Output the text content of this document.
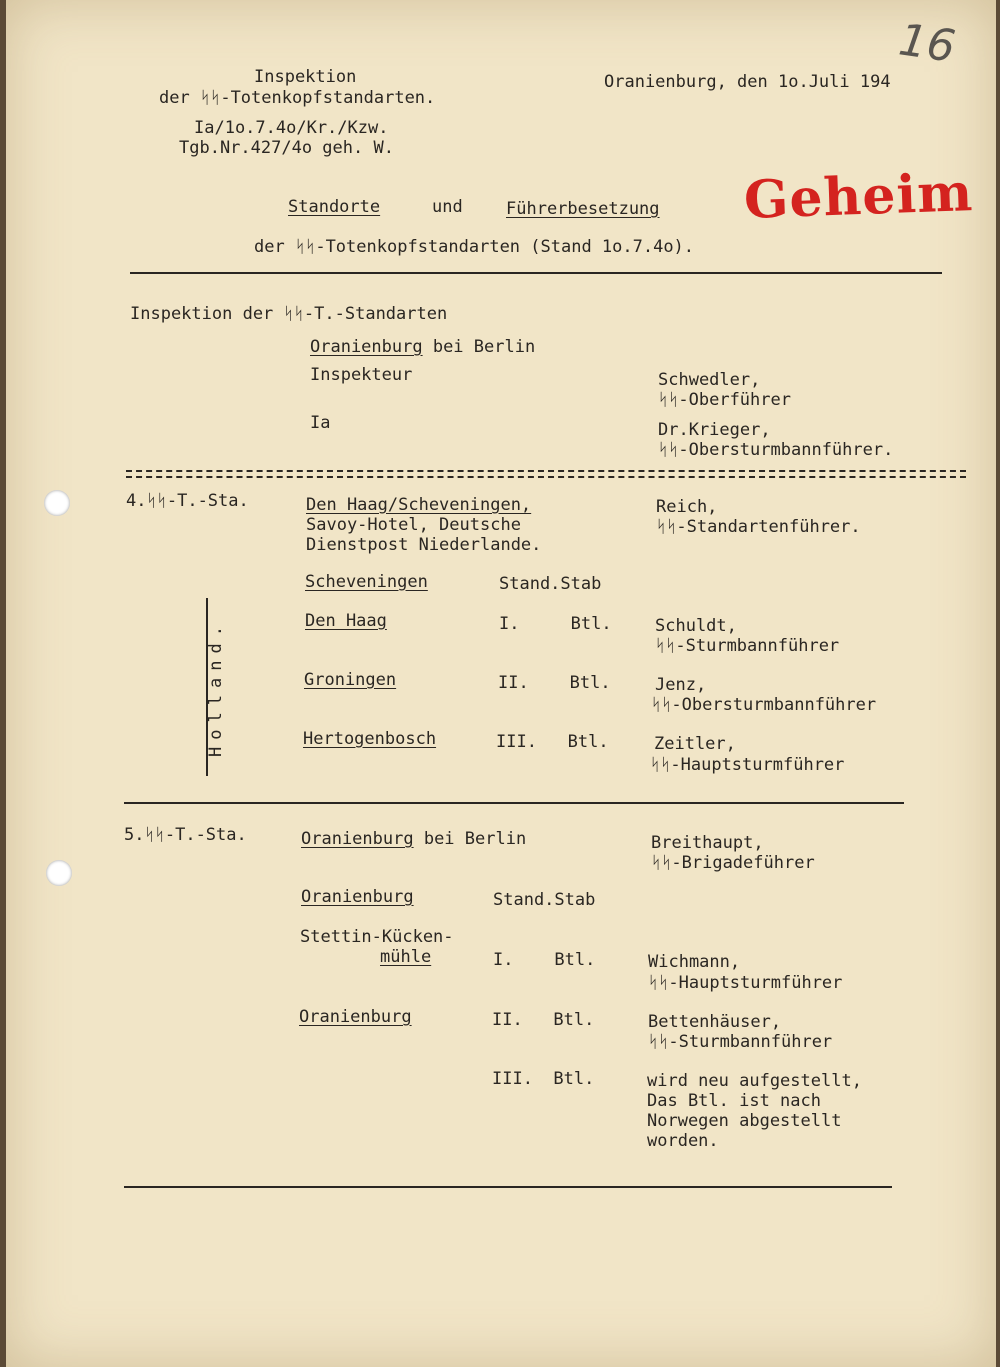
16
Geheim
Inspektion
der ᛋᛋ-Totenkopfstandarten.
Ia/1o.7.4o/Kr./Kzw.
Tgb.Nr.427/4o geh. W.
Oranienburg, den 1o.Juli 194
Standorte	und	Führerbesetzung
der ᛋᛋ-Totenkopfstandarten (Stand 1o.7.4o).
Inspektion der ᛋᛋ-T.-Standarten
Oranienburg bei Berlin
Inspekteur	Schwedler,
ᛋᛋ-Oberführer
Ia	Dr.Krieger,
ᛋᛋ-Obersturmbannführer.
4.ᛋᛋ-T.-Sta.	Den Haag/Scheveningen,
Savoy-Hotel, Deutsche
Dienstpost Niederlande.
Reich,
ᛋᛋ-Standartenführer.
Holland.
Scheveningen	Stand.Stab
Den Haag	I.     Btl.	Schuldt,
ᛋᛋ-Sturmbannführer
Groningen	II.    Btl.	Jenz,
ᛋᛋ-Obersturmbannführer
Hertogenbosch	III.   Btl.	Zeitler,
ᛋᛋ-Hauptsturmführer
5.ᛋᛋ-T.-Sta.	Oranienburg bei Berlin	Breithaupt,
ᛋᛋ-Brigadeführer
Oranienburg	Stand.Stab
Stettin-Kücken-
mühle	I.    Btl.	Wichmann,
ᛋᛋ-Hauptsturmführer
Oranienburg	II.   Btl.	Bettenhäuser,
ᛋᛋ-Sturmbannführer
III.  Btl.	wird neu aufgestellt,
Das Btl. ist nach
Norwegen abgestellt
worden.
